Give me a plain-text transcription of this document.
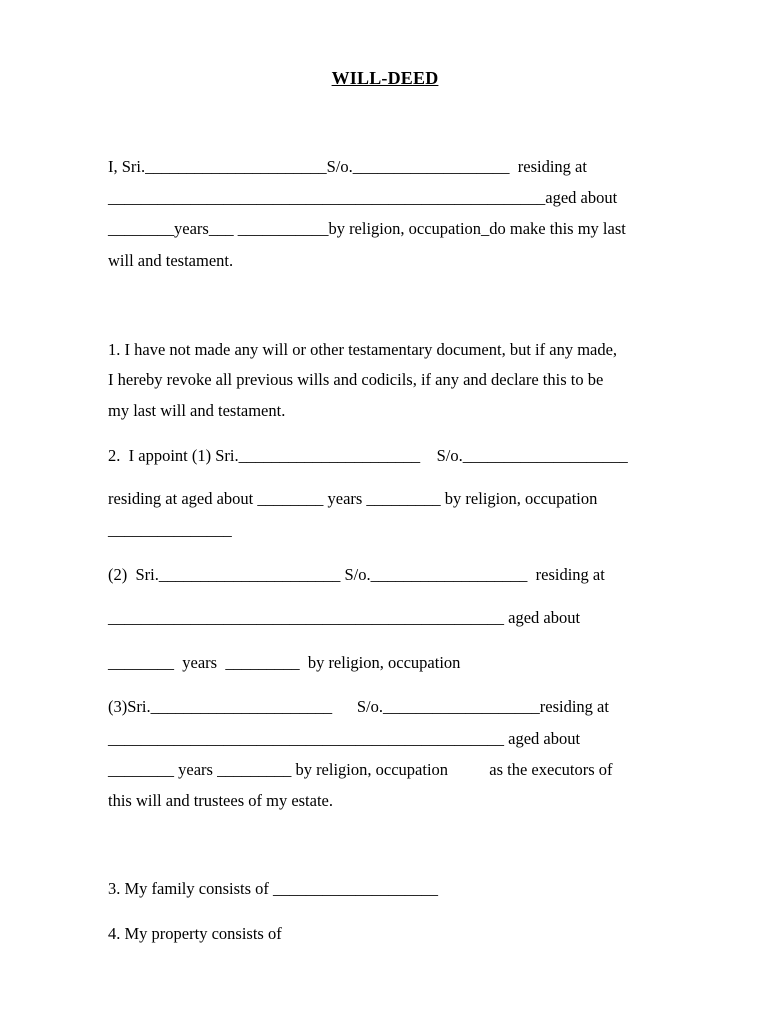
WILL-DEED
I, Sri.______________________S/o.___________________  residing at
_____________________________________________________aged about
________years___ ___________by religion, occupation_do make this my last
will and testament.
1. I have not made any will or other testamentary document, but if any made,
I hereby revoke all previous wills and codicils, if any and declare this to be
my last will and testament.
2.  I appoint (1) Sri.______________________    S/o.____________________
residing at aged about ________ years _________ by religion, occupation
_______________
(2)  Sri.______________________ S/o.___________________  residing at
________________________________________________ aged about
________  years  _________  by religion, occupation
(3)Sri.______________________      S/o.___________________residing at
________________________________________________ aged about
________ years _________ by religion, occupation          as the executors of
this will and trustees of my estate.
3. My family consists of ____________________
4. My property consists of
